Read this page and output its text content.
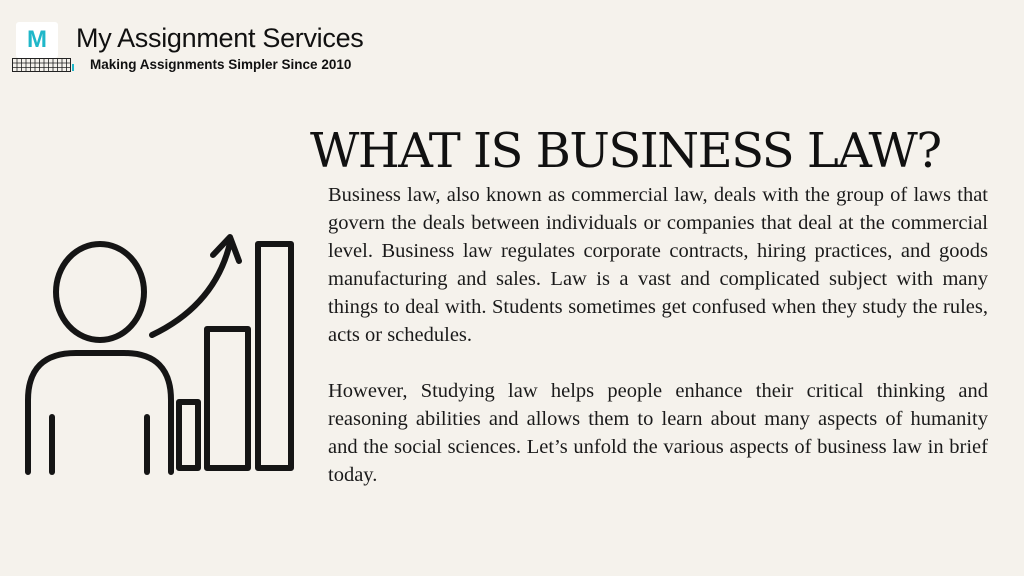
M My Assignment Services
Making Assignments Simpler Since 2010
WHAT IS BUSINESS LAW?

Business law, also known as commercial law, deals with the group of laws that govern the deals between individuals or companies that deal at the commercial level. Business law regulates corporate contracts, hiring practices, and goods manufacturing and sales. Law is a vast and complicated subject with many things to deal with. Students sometimes get confused when they study the rules, acts or schedules.

However, Studying law helps people enhance their critical thinking and reasoning abilities and allows them to learn about many aspects of humanity and the social sciences. Let’s unfold the various aspects of business law in brief today.
